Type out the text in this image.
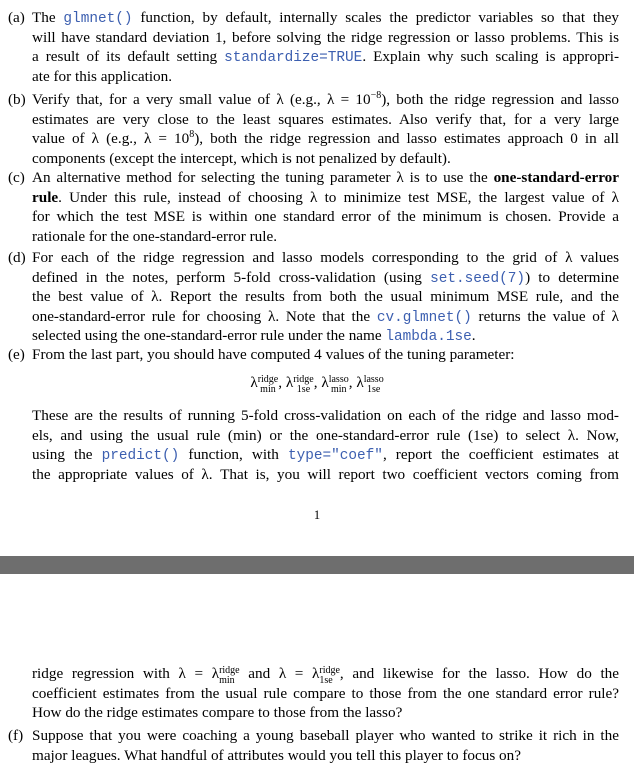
(a) The glmnet() function, by default, internally scales the predictor variables so that they
will have standard deviation 1, before solving the ridge regression or lasso problems. This is
a result of its default setting standardize=TRUE. Explain why such scaling is appropri-
ate for this application.
(b) Verify that, for a very small value of λ (e.g., $\lambda = 10^{-8}$), both the ridge regression and lasso
estimates are very close to the least squares estimates. Also verify that, for a very large
value of λ (e.g., $\lambda = 10^8$), both the ridge regression and lasso estimates approach 0 in all
components (except the intercept, which is not penalized by default).
(c) An alternative method for selecting the tuning parameter λ is to use the one-standard-error
rule. Under this rule, instead of choosing λ to minimize test MSE, the largest value of λ
for which the test MSE is within one standard error of the minimum is chosen. Provide a
rationale for the one-standard-error rule.
(d) For each of the ridge regression and lasso models corresponding to the grid of λ values
defined in the notes, perform 5-fold cross-validation (using set.seed(7)) to determine
the best value of λ. Report the results from both the usual minimum MSE rule, and the
one-standard-error rule for choosing λ. Note that the cv.glmnet() returns the value of λ
selected using the one-standard-error rule under the name lambda.1se.
(e) From the last part, you should have computed 4 values of the tuning parameter:
λ ridge
min , λ ridge
1se , λ lasso
min , λ lasso
1se
These are the results of running 5-fold cross-validation on each of the ridge and lasso mod-
els, and using the usual rule (min) or the one-standard-error rule (1se) to select λ. Now,
using the predict() function, with type="coef", report the coefficient estimates at
the appropriate values of λ. That is, you will report two coefficient vectors coming from
1
ridge regression with λ = λ ridge
min and λ = λ ridge
1se , and likewise for the lasso. How do the
coefficient estimates from the usual rule compare to those from the one standard error rule?
How do the ridge estimates compare to those from the lasso?
(f) Suppose that you were coaching a young baseball player who wanted to strike it rich in the
major leagues. What handful of attributes would you tell this player to focus on?
